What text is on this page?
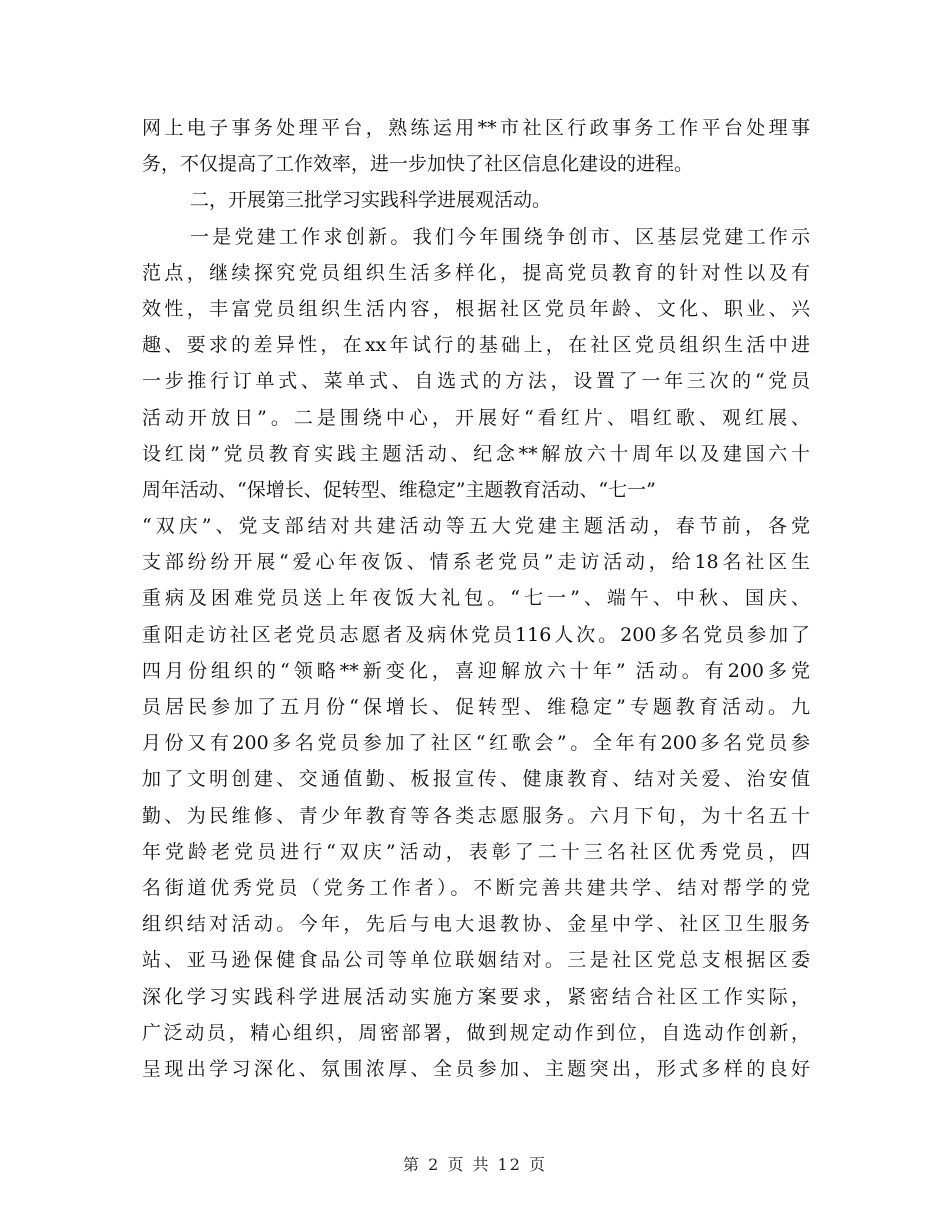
网上电子事务处理平台，熟练运用**市社区行政事务工作平台处理事
务，不仅提高了工作效率，进一步加快了社区信息化建设的进程。
二，开展第三批学习实践科学进展观活动。
一是党建工作求创新。我们今年围绕争创市、区基层党建工作示
范点，继续探究党员组织生活多样化，提高党员教育的针对性以及有
效性，丰富党员组织生活内容，根据社区党员年龄、文化、职业、兴
趣、要求的差异性，在xx年试行的基础上，在社区党员组织生活中进
一步推行订单式、菜单式、自选式的方法，设置了一年三次的“党员
活动开放日”。二是围绕中心，开展好“看红片、唱红歌、观红展、
设红岗”党员教育实践主题活动、纪念**解放六十周年以及建国六十
周年活动、“保增长、促转型、维稳定”主题教育活动、“七一”
“双庆”、党支部结对共建活动等五大党建主题活动，春节前，各党
支部纷纷开展“爱心年夜饭、情系老党员”走访活动，给18名社区生
重病及困难党员送上年夜饭大礼包。“七一”、端午、中秋、国庆、
重阳走访社区老党员志愿者及病休党员116人次。200多名党员参加了
四月份组织的“领略**新变化，喜迎解放六十年” 活动。有200多党
员居民参加了五月份“保增长、促转型、维稳定”专题教育活动。九
月份又有200多名党员参加了社区“红歌会”。全年有200多名党员参
加了文明创建、交通值勤、板报宣传、健康教育、结对关爱、治安值
勤、为民维修、青少年教育等各类志愿服务。六月下旬，为十名五十
年党龄老党员进行“双庆”活动，表彰了二十三名社区优秀党员，四
名街道优秀党员（党务工作者）。不断完善共建共学、结对帮学的党
组织结对活动。今年，先后与电大退教协、金星中学、社区卫生服务
站、亚马逊保健食品公司等单位联姻结对。三是社区党总支根据区委
深化学习实践科学进展活动实施方案要求，紧密结合社区工作实际，
广泛动员，精心组织，周密部署，做到规定动作到位，自选动作创新，
呈现出学习深化、氛围浓厚、全员参加、主题突出，形式多样的良好
第 2 页 共 12 页
